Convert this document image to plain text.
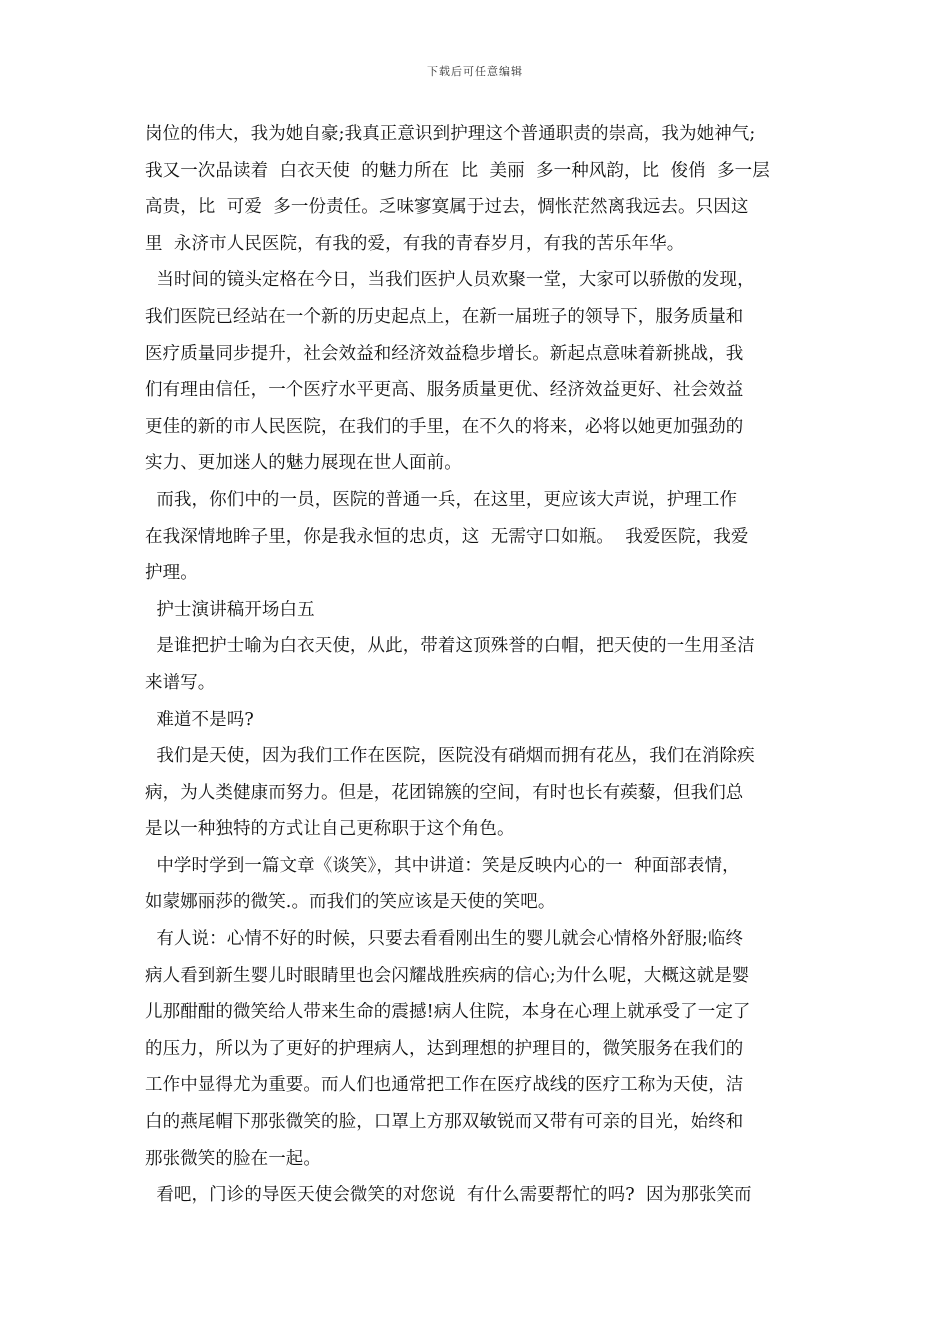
下载后可任意编辑
岗位的伟大，我为她自豪;我真正意识到护理这个普通职责的崇高，我为她神气;
我又一次品读着  白衣天使  的魅力所在  比  美丽  多一种风韵，比  俊俏  多一层
高贵，比  可爱  多一份责任。乏味寥寞属于过去，惆怅茫然离我远去。只因这
里  永济市人民医院，有我的爱，有我的青春岁月，有我的苦乐年华。
当时间的镜头定格在今日，当我们医护人员欢聚一堂，大家可以骄傲的发现，
我们医院已经站在一个新的历史起点上，在新一届班子的领导下，服务质量和
医疗质量同步提升，社会效益和经济效益稳步增长。新起点意味着新挑战，我
们有理由信任，一个医疗水平更高、服务质量更优、经济效益更好、社会效益
更佳的新的市人民医院，在我们的手里，在不久的将来，必将以她更加强劲的
实力、更加迷人的魅力展现在世人面前。
而我，你们中的一员，医院的普通一兵，在这里，更应该大声说，护理工作
在我深情地眸子里，你是我永恒的忠贞，这  无需守口如瓶。  我爱医院，我爱
护理。
护士演讲稿开场白五
是谁把护士喻为白衣天使，从此，带着这顶殊誉的白帽，把天使的一生用圣洁
来谱写。
难道不是吗?
我们是天使，因为我们工作在医院，医院没有硝烟而拥有花丛，我们在消除疾
病，为人类健康而努力。但是，花团锦簇的空间，有时也长有蒺藜，但我们总
是以一种独特的方式让自己更称职于这个角色。
中学时学到一篇文章《谈笑》，其中讲道：笑是反映内心的一  种面部表情，
如蒙娜丽莎的微笑.。而我们的笑应该是天使的笑吧。
有人说：心情不好的时候，只要去看看刚出生的婴儿就会心情格外舒服;临终
病人看到新生婴儿时眼睛里也会闪耀战胜疾病的信心;为什么呢，大概这就是婴
儿那酣酣的微笑给人带来生命的震撼!病人住院，本身在心理上就承受了一定了
的压力，所以为了更好的护理病人，达到理想的护理目的，微笑服务在我们的
工作中显得尤为重要。而人们也通常把工作在医疗战线的医疗工称为天使，洁
白的燕尾帽下那张微笑的脸，口罩上方那双敏锐而又带有可亲的目光，始终和
那张微笑的脸在一起。
看吧，门诊的导医天使会微笑的对您说  有什么需要帮忙的吗?  因为那张笑而
